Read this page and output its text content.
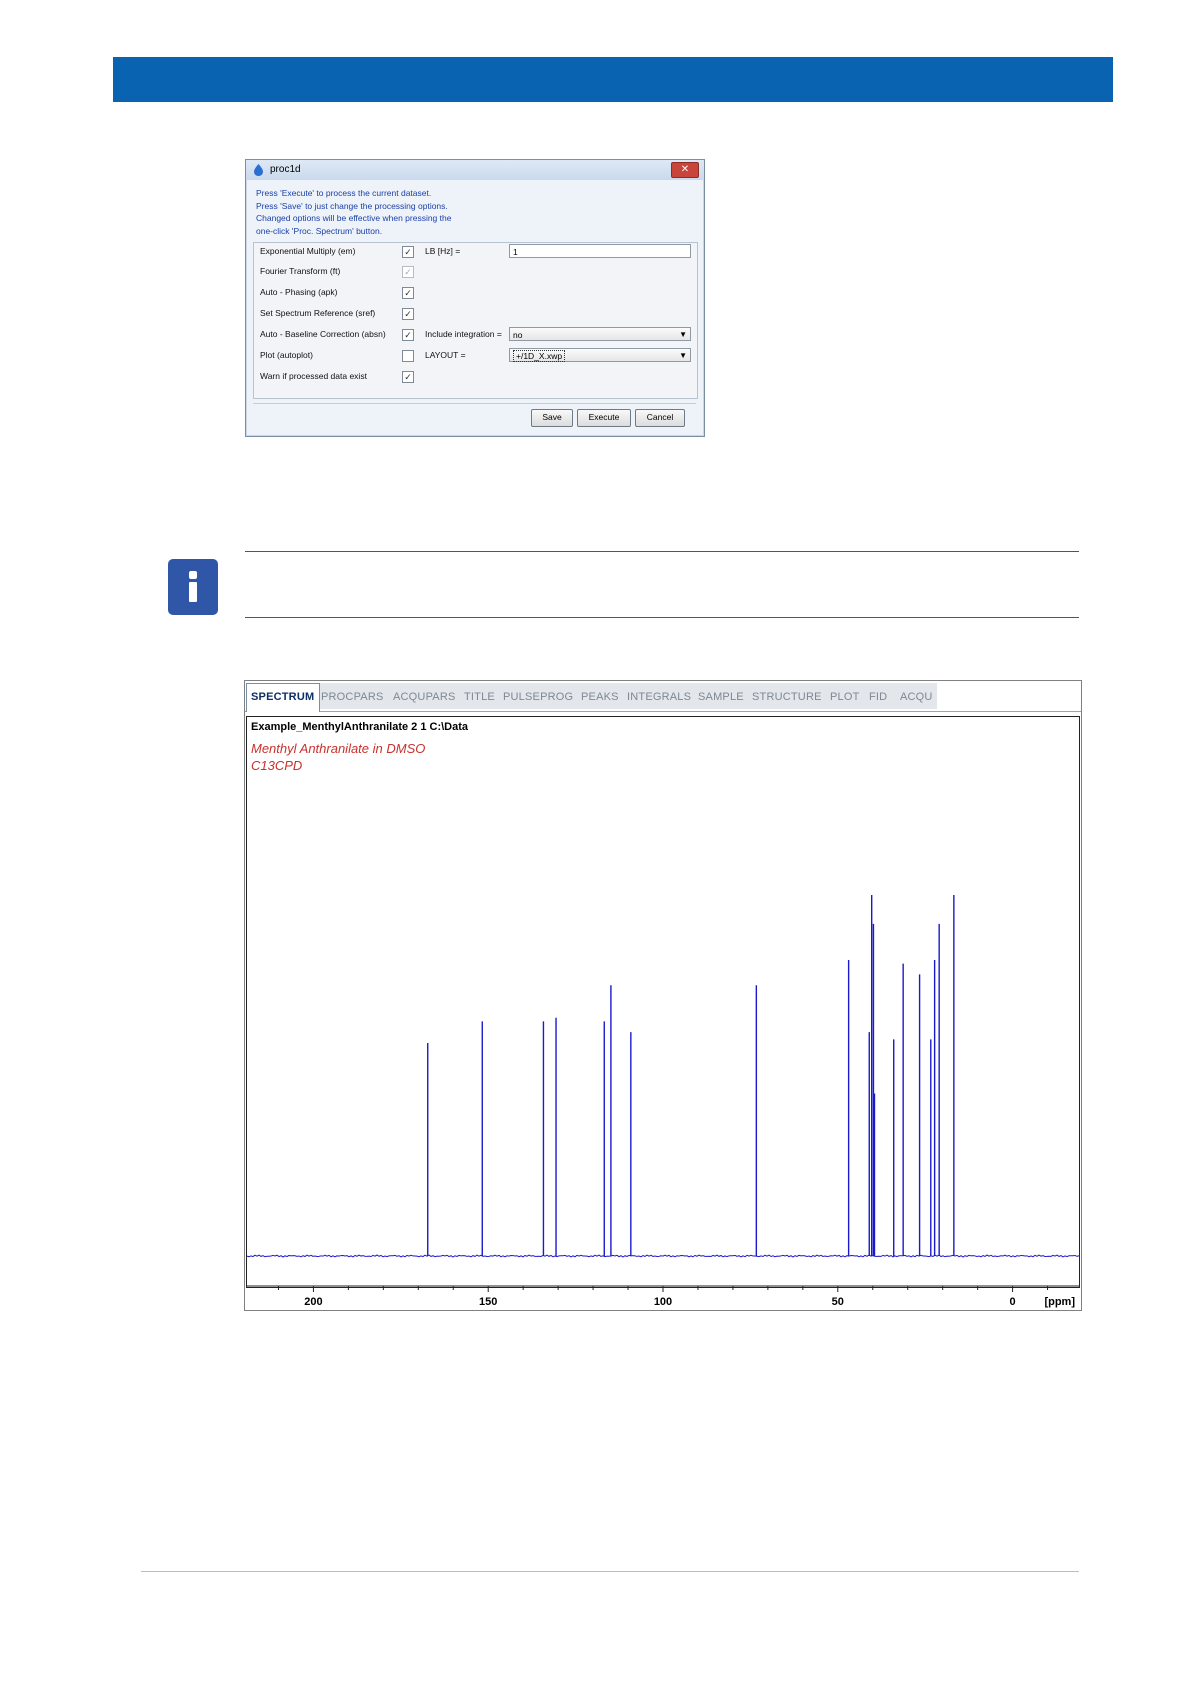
proc1d	✕
Press 'Execute' to process the current dataset.
Press 'Save' to just change the processing options.
Changed options will be effective when pressing the
one-click 'Proc. Spectrum' button.
Exponential Multiply (em)	✓ LB [Hz] =	1
Fourier Transform (ft)	✓
Auto - Phasing (apk)	✓
Set Spectrum Reference (sref)	✓
Auto - Baseline Correction (absn) ✓ Include integration =	no	▼
Plot (autoplot)	LAYOUT =	+/1D_X.xwp	▼
Warn if processed data exist	✓
Save	Execute	Cancel
SPECTRUM PROCPARS ACQUPARS TITLE PULSEPROG PEAKS INTEGRALS SAMPLE STRUCTURE PLOT FID ACQU
Example_MenthylAnthranilate 2 1 C:\Data
Menthyl Anthranilate in DMSO
C13CPD
200	150	100	50	0	[ppm]
